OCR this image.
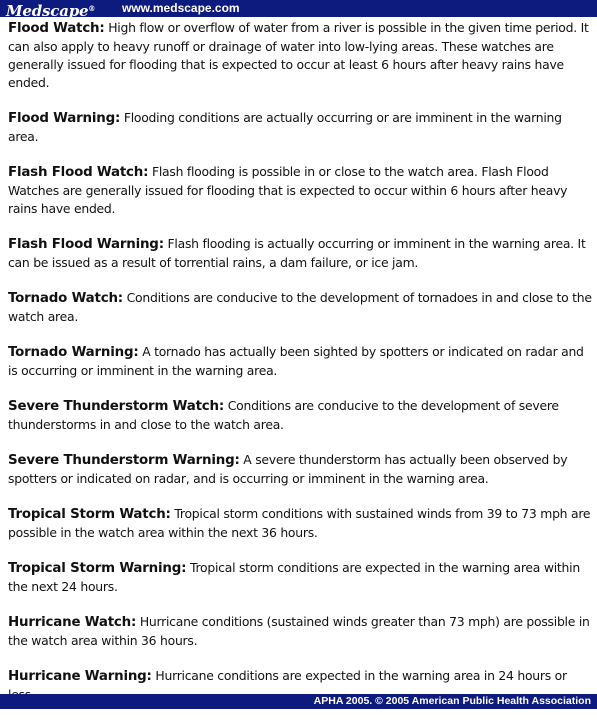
Medscape® www.medscape.com

Flood Watch: High flow or overflow of water from a river is possible in the given time period. It can also apply to heavy runoff or drainage of water into low-lying areas. These watches are generally issued for flooding that is expected to occur at least 6 hours after heavy rains have ended.

Flood Warning: Flooding conditions are actually occurring or are imminent in the warning area.

Flash Flood Watch: Flash flooding is possible in or close to the watch area. Flash Flood Watches are generally issued for flooding that is expected to occur within 6 hours after heavy rains have ended.

Flash Flood Warning: Flash flooding is actually occurring or imminent in the warning area. It can be issued as a result of torrential rains, a dam failure, or ice jam.

Tornado Watch: Conditions are conducive to the development of tornadoes in and close to the watch area.

Tornado Warning: A tornado has actually been sighted by spotters or indicated on radar and is occurring or imminent in the warning area.

Severe Thunderstorm Watch: Conditions are conducive to the development of severe thunderstorms in and close to the watch area.

Severe Thunderstorm Warning: A severe thunderstorm has actually been observed by spotters or indicated on radar, and is occurring or imminent in the warning area.

Tropical Storm Watch: Tropical storm conditions with sustained winds from 39 to 73 mph are possible in the watch area within the next 36 hours.

Tropical Storm Warning: Tropical storm conditions are expected in the warning area within the next 24 hours.

Hurricane Watch: Hurricane conditions (sustained winds greater than 73 mph) are possible in the watch area within 36 hours.

Hurricane Warning: Hurricane conditions are expected in the warning area in 24 hours or

APHA 2005. © 2005 American Public Health Association
